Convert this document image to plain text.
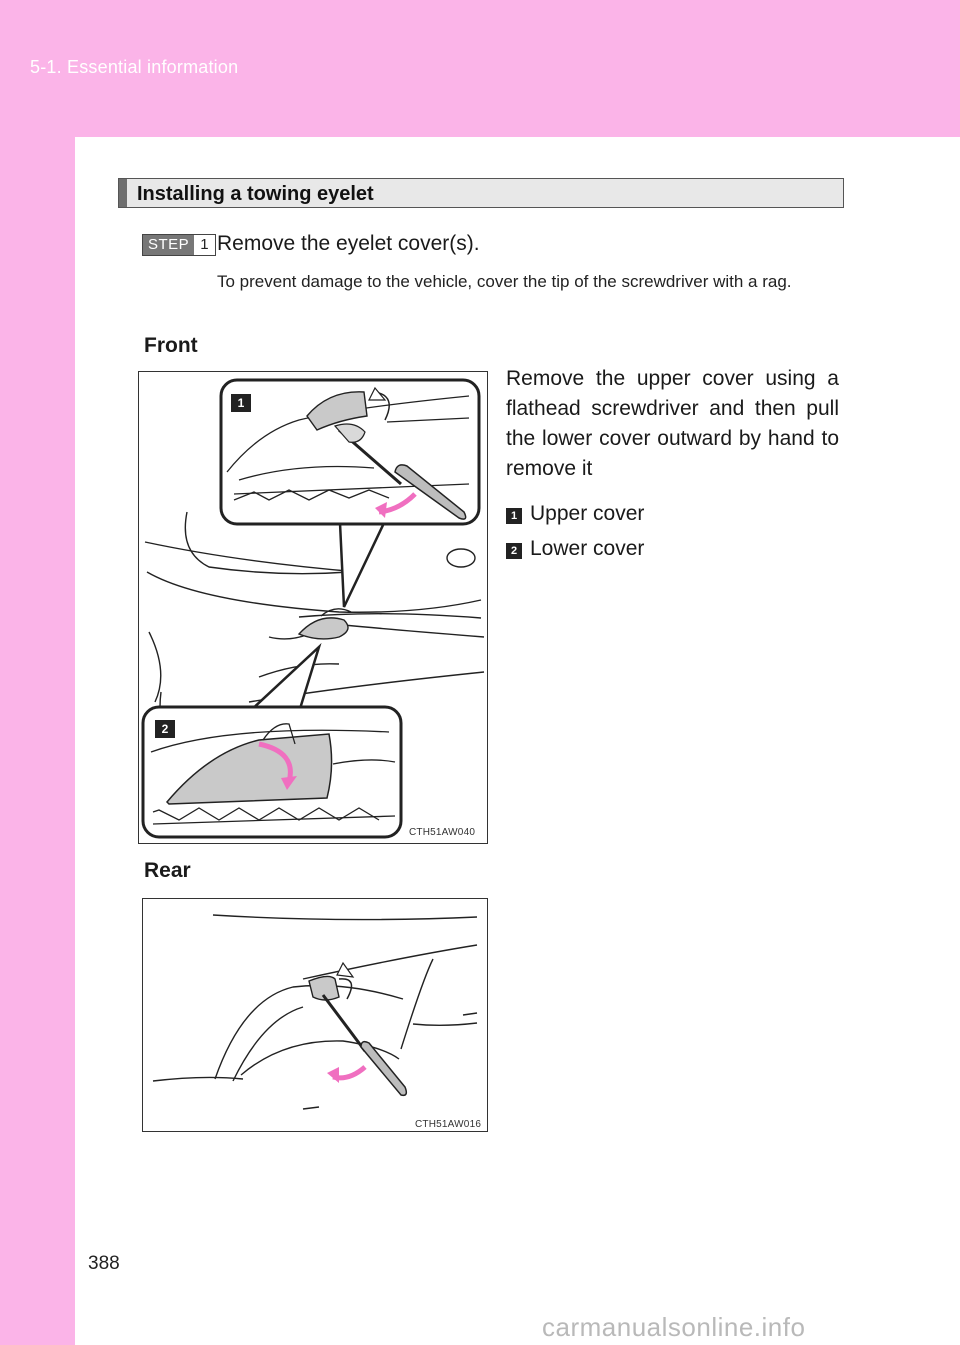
5-1. Essential information
Installing a towing eyelet
STEP 1 Remove the eyelet cover(s).
To prevent damage to the vehicle, cover the tip of the screwdriver with a rag.
Front
1
2
CTH51AW040
Remove the upper cover using a flathead screwdriver and then pull the lower cover outward by hand to remove it
1 Upper cover
2 Lower cover
Rear
CTH51AW016
388
carmanualsonline.info
